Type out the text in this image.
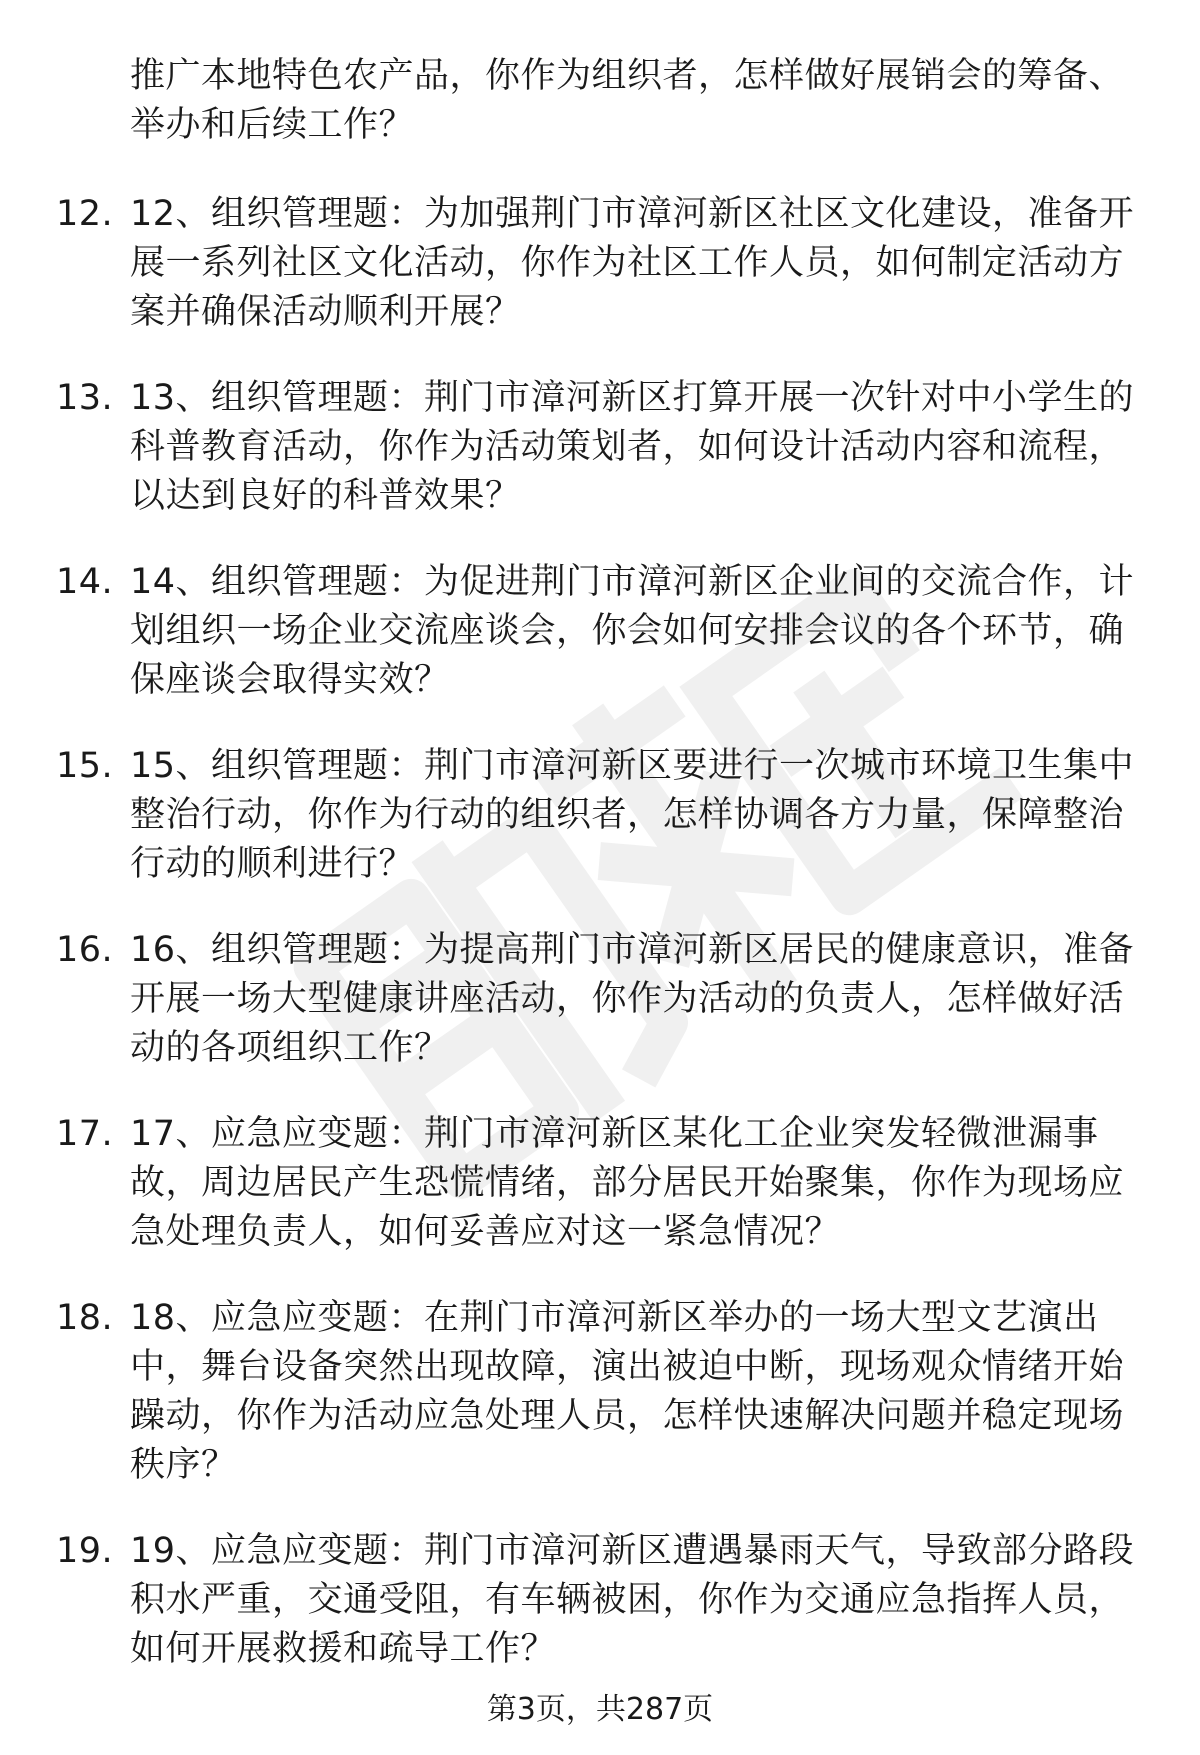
推广本地特色农产品，你作为组织者，怎样做好展销会的筹备、举办和后续工作？
12. 12、组织管理题：为加强荆门市漳河新区社区文化建设，准备开展一系列社区文化活动，你作为社区工作人员，如何制定活动方案并确保活动顺利开展？
13. 13、组织管理题：荆门市漳河新区打算开展一次针对中小学生的科普教育活动，你作为活动策划者，如何设计活动内容和流程，以达到良好的科普效果？
14. 14、组织管理题：为促进荆门市漳河新区企业间的交流合作，计划组织一场企业交流座谈会，你会如何安排会议的各个环节，确保座谈会取得实效？
15. 15、组织管理题：荆门市漳河新区要进行一次城市环境卫生集中整治行动，你作为行动的组织者，怎样协调各方力量，保障整治行动的顺利进行？
16. 16、组织管理题：为提高荆门市漳河新区居民的健康意识，准备开展一场大型健康讲座活动，你作为活动的负责人，怎样做好活动的各项组织工作？
17. 17、应急应变题：荆门市漳河新区某化工企业突发轻微泄漏事故，周边居民产生恐慌情绪，部分居民开始聚集，你作为现场应急处理负责人，如何妥善应对这一紧急情况？
18. 18、应急应变题：在荆门市漳河新区举办的一场大型文艺演出中，舞台设备突然出现故障，演出被迫中断，现场观众情绪开始躁动，你作为活动应急处理人员，怎样快速解决问题并稳定现场秩序？
19. 19、应急应变题：荆门市漳河新区遭遇暴雨天气，导致部分路段积水严重，交通受阻，有车辆被困，你作为交通应急指挥人员，如何开展救援和疏导工作？
第3页，共287页
